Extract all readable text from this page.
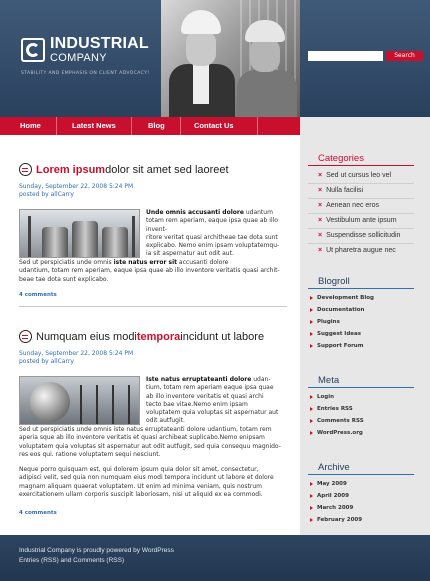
INDUSTRIAL
COMPANY
STABILITY AND EMPHASIS ON CLIENT ADVOCACY!
Search
Home	Latest News	Blog	Contact Us
Lorem ipsum dolor sit amet sed laoreet
Sunday, September 22, 2008 5:24 PM
posted by allCarry
Unde omnis accusanti dolore udantum
totam rem aperiam, eaque ipsa quae ab illo invent-
ritore veritat quasi architheae tae dota sunt
explicabo. Nemo enim ipsam voluptatemqu-
ia sit aspernatur aut odit aut.
Sed ut perspiciatis unde omnis iste natus error sit accusanti dolore
udantium, totam rem aperiam, eaque ipsa quae ab illo inventore veritatis quasi archit-
beae tae dota sunt explicabo.
4 comments
Numquam eius modi tempora incidunt ut labore
Sunday, September 22, 2008 5:24 PM
posted by allCarry
Iste natus erruptateanti dolore udan-
tium, totam rem aperiam eaque ipsa quae
ab illo inventore veritatis et quasi archi
tecto bae vitae.Nemo enim ipsam
voluptatem quia voluptas sit aspernatur aut
odit autfugit.
Sed ut perspiciatis unde omnis iste natus erruptateanti dolore udantium, totam rem
aperia sque ab illo inventore veritatis et quasi archibeat suplicabo.Nemo enipsam
voluptatem quia voluptas sit aspernatur aut odit autfugit, sed quia consequu magnido-
res eos qui. ratione voluptatem sequi nesciunt.
Neque porro quisquam est, qui dolorem ipsum quia dolor sit amet, consectetur,
adipisci velit, sed quia non numquam eius modi tempora incidunt ut labore et dolore
magnam aliquam quaerat voluptatem. Ut enim ad minima veniam, quis nostrum
exercitationem ullam corporis suscipit laboriosam, nisi ut aliquid ex ea commodi.
4 comments
Categories
× Sed ut cursus leo vel
× Nulla facilisi
× Aenean nec eros
× Vestibulum ante ipsum
× Suspendisse sollicitudin
× Ut pharetra augue nec
Blogroll
Development Blog
Documentation
Plugins
Suggest Ideas
Support Forum
Meta
Login
Entries RSS
Comments RSS
WordPress.org
Archive
May 2009
April 2009
March 2009
February 2009
Industrial Company is proudly powered by WordPress
Entries (RSS) and Comments (RSS)
